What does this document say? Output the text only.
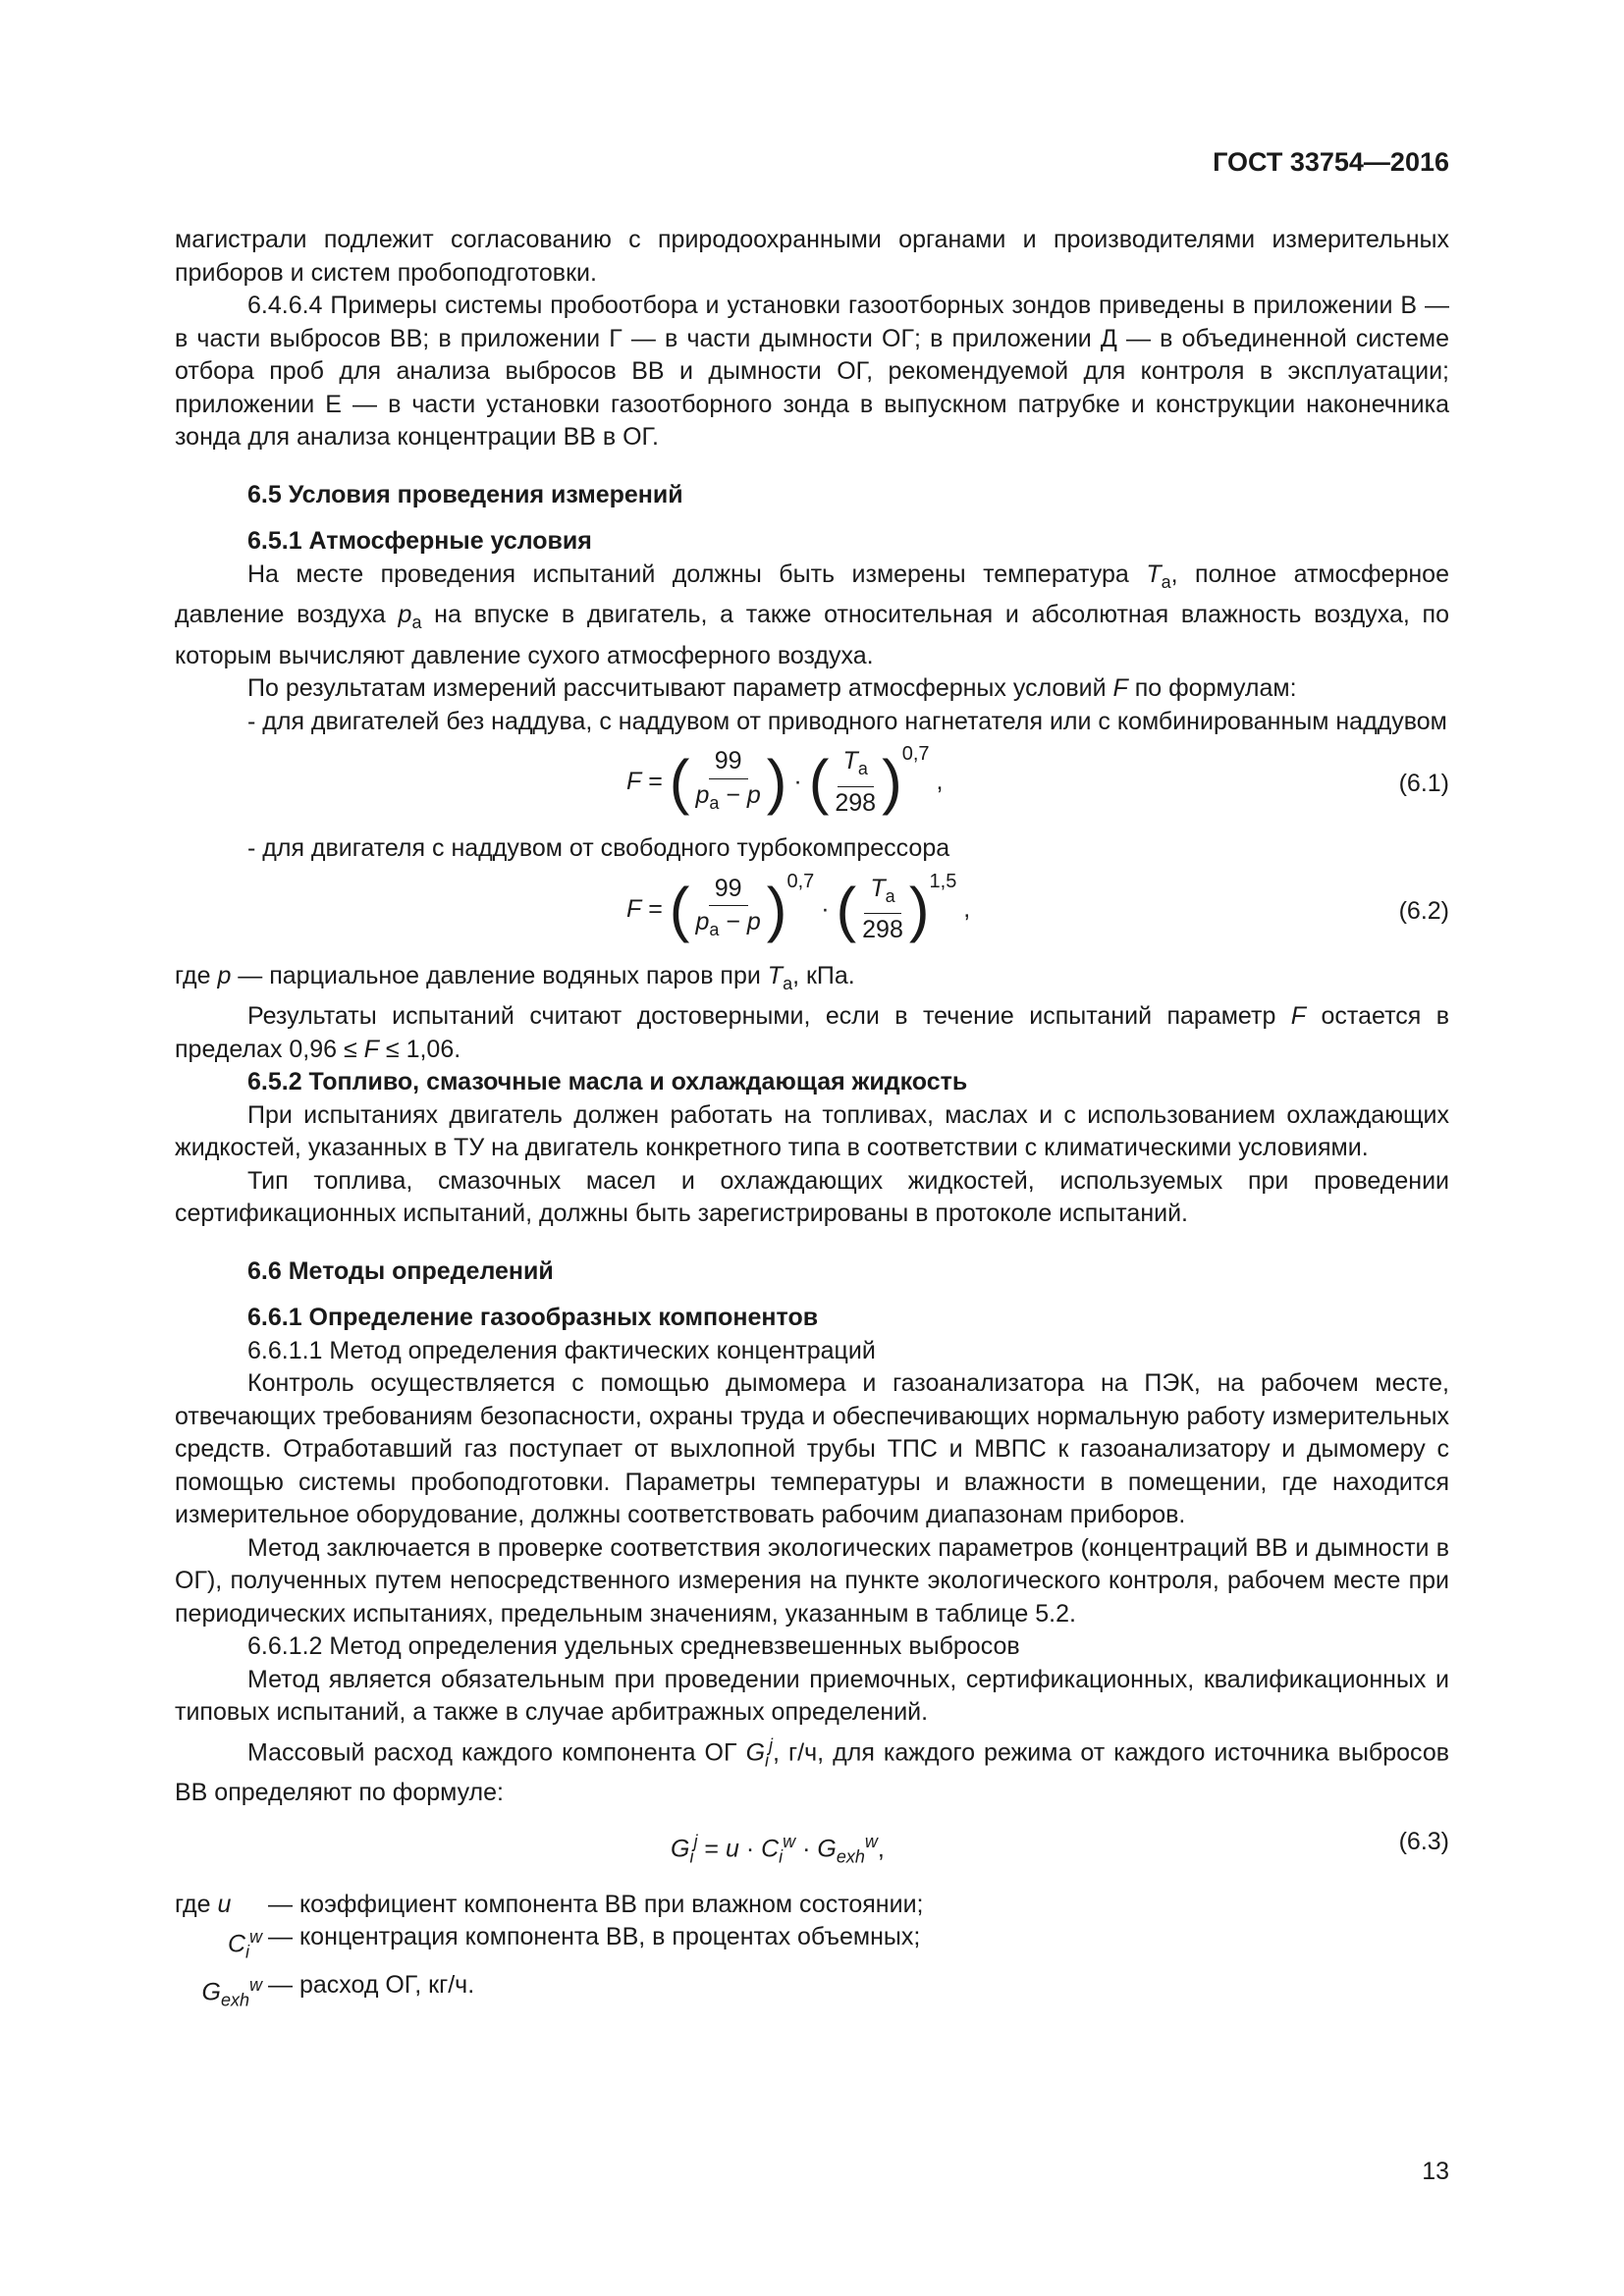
ГОСТ 33754—2016

магистрали подлежит согласованию с природоохранными органами и производителями измерительных приборов и систем пробоподготовки.

6.4.6.4 Примеры системы пробоотбора и установки газоотборных зондов приведены в приложении В — в части выбросов ВВ; в приложении Г — в части дымности ОГ; в приложении Д — в объединенной системе отбора проб для анализа выбросов ВВ и дымности ОГ, рекомендуемой для контроля в эксплуатации; приложении Е — в части установки газоотборного зонда в выпускном патрубке и конструкции наконечника зонда для анализа концентрации ВВ в ОГ.

6.5 Условия проведения измерений

6.5.1 Атмосферные условия

На месте проведения испытаний должны быть измерены температура $T_a$, полное атмосферное давление воздуха $p_a$ на впуске в двигатель, а также относительная и абсолютная влажность воздуха, по которым вычисляют давление сухого атмосферного воздуха.

По результатам измерений рассчитывают параметр атмосферных условий F по формулам:

- для двигателей без наддува, с наддувом от приводного нагнетателя или с комбинированным наддувом

F = ( $\frac{99}{p_a - p}$ ) · ( $\frac{T_a}{298} )^{0,7}$ ,	(6.1)

- для двигателя с наддувом от свободного турбокомпрессора

F = ( $\frac{99}{p_a - p} )^{0,7}$ · ( $\frac{T_a}{298} )^{1,5}$ ,	(6.2)

где p — парциальное давление водяных паров при $T_a$, кПа.

Результаты испытаний считают достоверными, если в течение испытаний параметр F остается в пределах 0,96 ≤ F ≤ 1,06.

6.5.2 Топливо, смазочные масла и охлаждающая жидкость

При испытаниях двигатель должен работать на топливах, маслах и с использованием охлаждающих жидкостей, указанных в ТУ на двигатель конкретного типа в соответствии с климатическими условиями.

Тип топлива, смазочных масел и охлаждающих жидкостей, используемых при проведении сертификационных испытаний, должны быть зарегистрированы в протоколе испытаний.

6.6 Методы определений

6.6.1 Определение газообразных компонентов

6.6.1.1 Метод определения фактических концентраций

Контроль осуществляется с помощью дымомера и газоанализатора на ПЭК, на рабочем месте, отвечающих требованиям безопасности, охраны труда и обеспечивающих нормальную работу измерительных средств. Отработавший газ поступает от выхлопной трубы ТПС и МВПС к газоанализатору и дымомеру с помощью системы пробоподготовки. Параметры температуры и влажности в помещении, где находится измерительное оборудование, должны соответствовать рабочим диапазонам приборов.

Метод заключается в проверке соответствия экологических параметров (концентраций ВВ и дымности в ОГ), полученных путем непосредственного измерения на пункте экологического контроля, рабочем месте при периодических испытаниях, предельным значениям, указанным в таблице 5.2.

6.6.1.2 Метод определения удельных средневзвешенных выбросов

Метод является обязательным при проведении приемочных, сертификационных, квалификационных и типовых испытаний, а также в случае арбитражных определений.

Массовый расход каждого компонента ОГ $G_i^j$, г/ч, для каждого режима от каждого источника выбросов ВВ определяют по формуле:

$G_i^j = u \cdot C_i^w \cdot G_{exh}^w$,	(6.3)
где u	— коэффициент компонента ВВ при влажном состоянии;
$C_i^w$ — концентрация компонента ВВ, в процентах объемных;
$G_{exh}^w$ — расход ОГ, кг/ч.
13
